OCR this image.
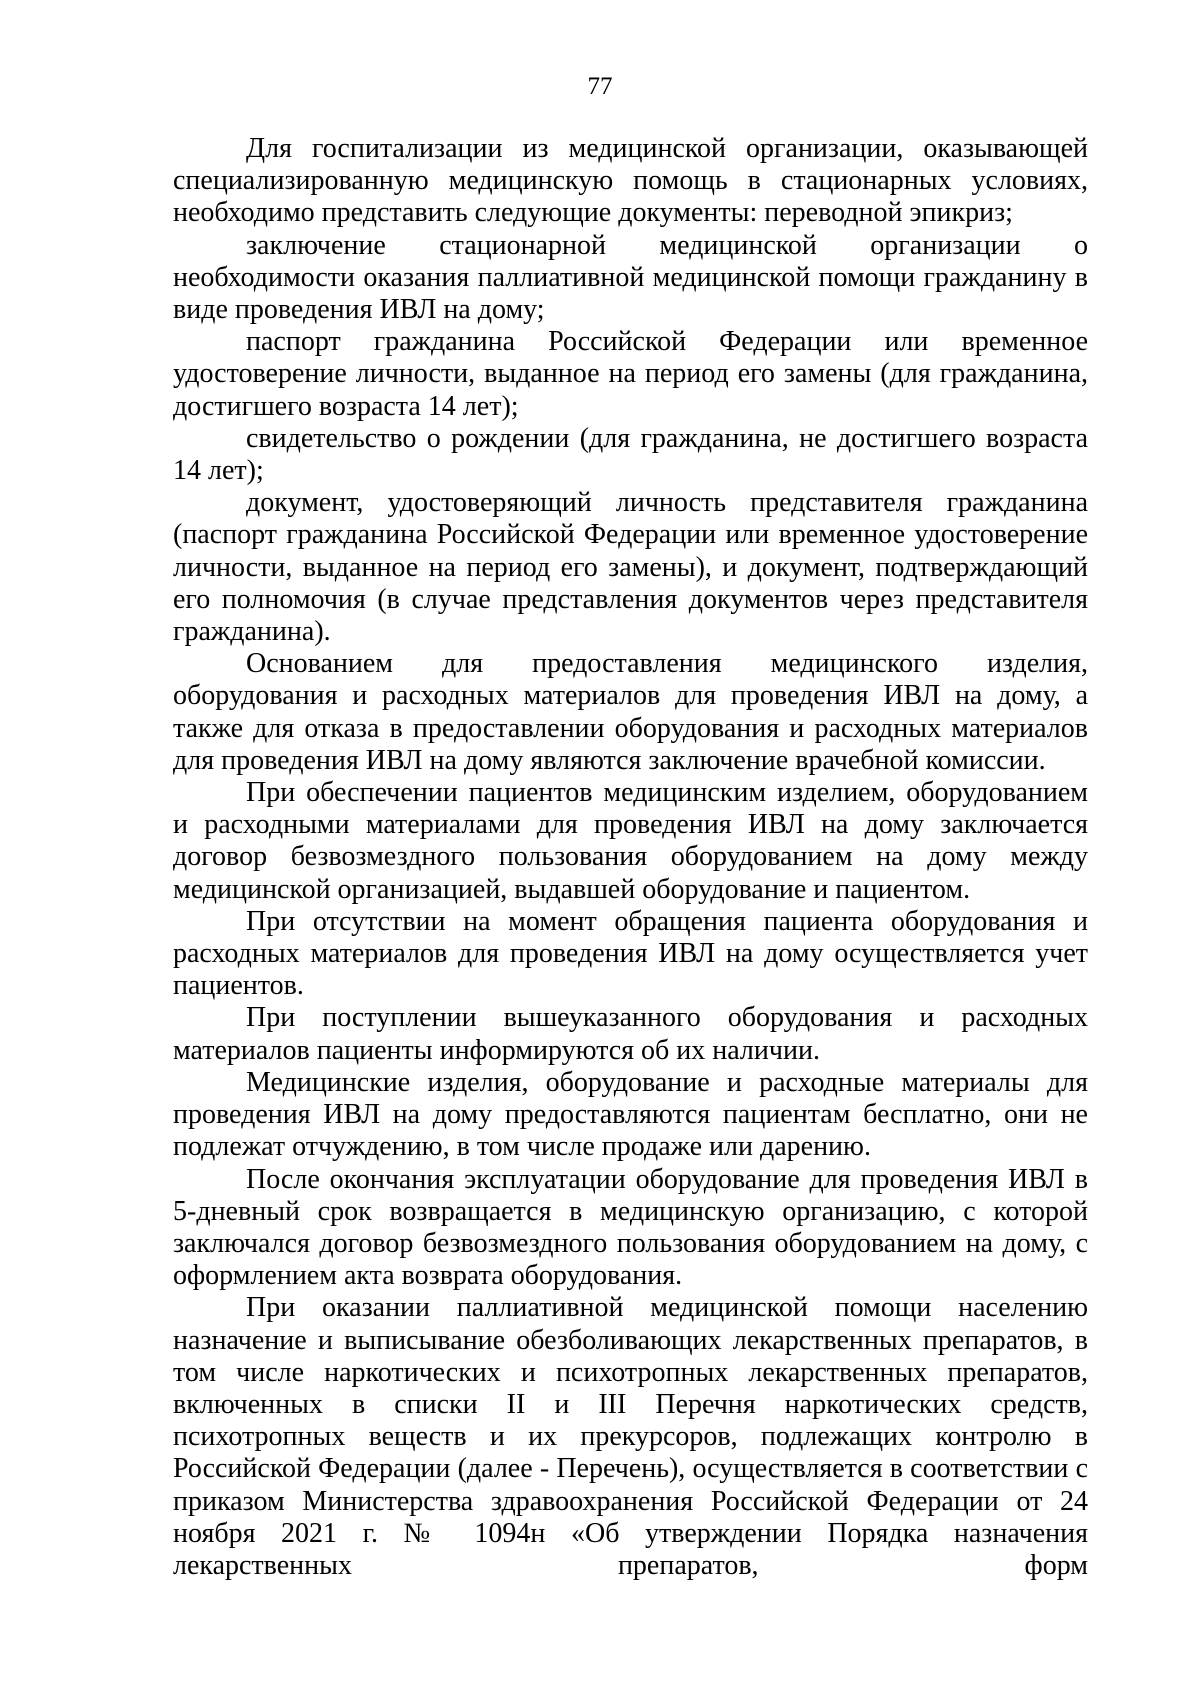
77

Для госпитализации из медицинской организации, оказывающей специализированную медицинскую помощь в стационарных условиях, необходимо представить следующие документы: переводной эпикриз;

заключение стационарной медицинской организации о необходимости оказания паллиативной медицинской помощи гражданину в виде проведения ИВЛ на дому;

паспорт гражданина Российской Федерации или временное удостоверение личности, выданное на период его замены (для гражданина, достигшего возраста 14 лет);

свидетельство о рождении (для гражданина, не достигшего возраста 14 лет);

документ, удостоверяющий личность представителя гражданина (паспорт гражданина Российской Федерации или временное удостоверение личности, выданное на период его замены), и документ, подтверждающий его полномочия (в случае представления документов через представителя гражданина).

Основанием для предоставления медицинского изделия, оборудования и расходных материалов для проведения ИВЛ на дому, а также для отказа в предоставлении оборудования и расходных материалов для проведения ИВЛ на дому являются заключение врачебной комиссии.

При обеспечении пациентов медицинским изделием, оборудованием и расходными материалами для проведения ИВЛ на дому заключается договор безвозмездного пользования оборудованием на дому между медицинской организацией, выдавшей оборудование и пациентом.

При отсутствии на момент обращения пациента оборудования и расходных материалов для проведения ИВЛ на дому осуществляется учет пациентов.

При поступлении вышеуказанного оборудования и расходных материалов пациенты информируются об их наличии.

Медицинские изделия, оборудование и расходные материалы для проведения ИВЛ на дому предоставляются пациентам бесплатно, они не подлежат отчуждению, в том числе продаже или дарению.

После окончания эксплуатации оборудование для проведения ИВЛ в 5-дневный срок возвращается в медицинскую организацию, с которой заключался договор безвозмездного пользования оборудованием на дому, с оформлением акта возврата оборудования.

При оказании паллиативной медицинской помощи населению назначение и выписывание обезболивающих лекарственных препаратов, в том числе наркотических и психотропных лекарственных препаратов, включенных в списки II и III Перечня наркотических средств, психотропных веществ и их прекурсоров, подлежащих контролю в Российской Федерации (далее - Перечень), осуществляется в соответствии с приказом Министерства здравоохранения Российской Федерации от 24 ноября 2021 г. № 1094н «Об утверждении Порядка назначения лекарственных препаратов, форм
